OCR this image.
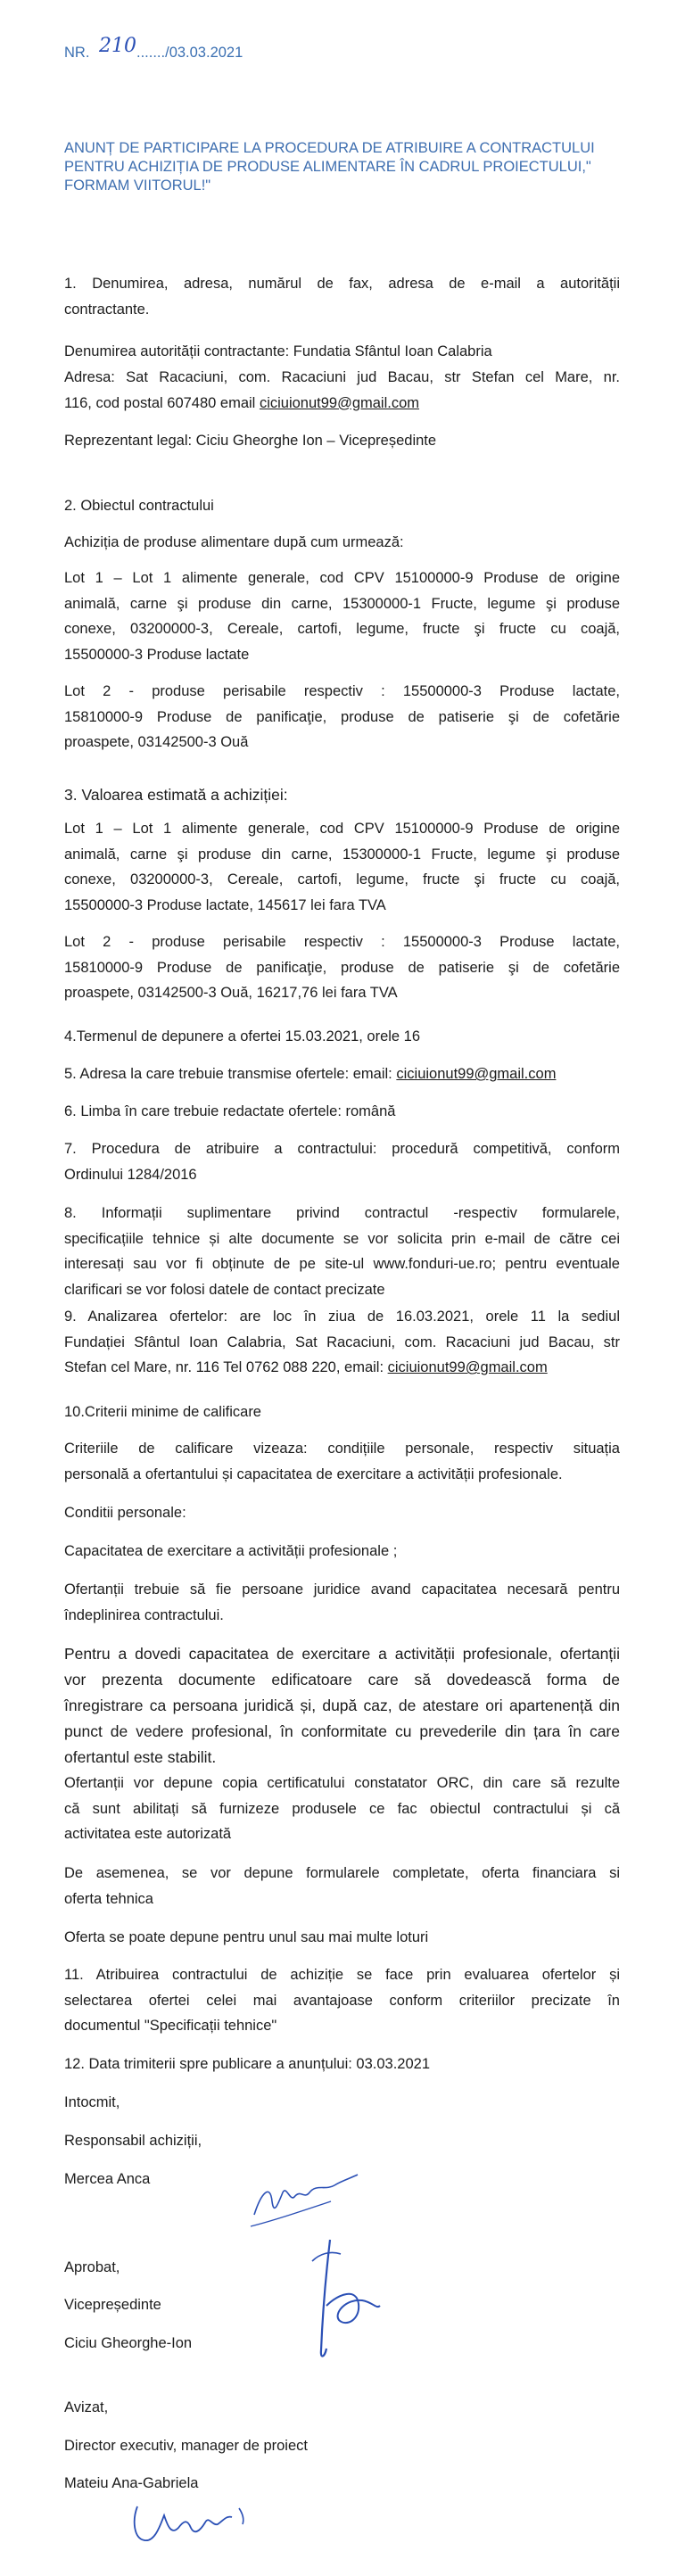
NR. 210......./03.03.2021
ANUNȚ DE PARTICIPARE LA PROCEDURA DE ATRIBUIRE A CONTRACTULUI
PENTRU ACHIZIȚIA DE PRODUSE ALIMENTARE ÎN CADRUL PROIECTULUI,"
FORMAM VIITORUL!"
1. Denumirea, adresa, numărul de fax, adresa de e-mail a autorității
contractante.
Denumirea autorității contractante: Fundatia Sfântul Ioan Calabria
Adresa: Sat Racaciuni, com. Racaciuni jud Bacau, str Stefan cel Mare, nr.
116, cod postal 607480 email ciciuionut99@gmail.com
Reprezentant legal: Ciciu Gheorghe Ion – Vicepreședinte
2. Obiectul contractului
Achiziția de produse alimentare după cum urmează:
Lot 1 – Lot 1 alimente generale, cod CPV 15100000-9 Produse de origine
animală, carne şi produse din carne, 15300000-1 Fructe, legume şi produse
conexe, 03200000-3, Cereale, cartofi, legume, fructe şi fructe cu coajă,
15500000-3 Produse lactate
Lot 2 - produse perisabile respectiv : 15500000-3 Produse lactate,
15810000-9 Produse de panificaţie, produse de patiserie şi de cofetărie
proaspete, 03142500-3 Ouă
3. Valoarea estimată a achiziției:
Lot 1 – Lot 1 alimente generale, cod CPV 15100000-9 Produse de origine
animală, carne şi produse din carne, 15300000-1 Fructe, legume şi produse
conexe, 03200000-3, Cereale, cartofi, legume, fructe şi fructe cu coajă,
15500000-3 Produse lactate, 145617 lei fara TVA
Lot 2 - produse perisabile respectiv : 15500000-3 Produse lactate,
15810000-9 Produse de panificaţie, produse de patiserie şi de cofetărie
proaspete, 03142500-3 Ouă, 16217,76 lei fara TVA
4.Termenul de depunere a ofertei 15.03.2021, orele 16
5. Adresa la care trebuie transmise ofertele: email: ciciuionut99@gmail.com
6. Limba în care trebuie redactate ofertele: română
7. Procedura de atribuire a contractului: procedură competitivă, conform
Ordinului 1284/2016
8. Informații suplimentare privind contractul -respectiv formularele,
specificațiile tehnice și alte documente se vor solicita prin e-mail de către cei
interesați sau vor fi obținute de pe site-ul www.fonduri-ue.ro; pentru eventuale
clarificari se vor folosi datele de contact precizate
9. Analizarea ofertelor: are loc în ziua de 16.03.2021, orele 11 la sediul
Fundației Sfântul Ioan Calabria, Sat Racaciuni, com. Racaciuni jud Bacau, str
Stefan cel Mare, nr. 116 Tel 0762 088 220, email: ciciuionut99@gmail.com
10.Criterii minime de calificare
Criteriile de calificare vizeaza: condițiile personale, respectiv situația
personală a ofertantului și capacitatea de exercitare a activității profesionale.
Conditii personale:
Capacitatea de exercitare a activității profesionale ;
Ofertanții trebuie să fie persoane juridice avand capacitatea necesară pentru
îndeplinirea contractului.
Pentru a dovedi capacitatea de exercitare a activității profesionale, ofertanții
vor prezenta documente edificatoare care să dovedească forma de
înregistrare ca persoana juridică și, după caz, de atestare ori apartenență din
punct de vedere profesional, în conformitate cu prevederile din țara în care
ofertantul este stabilit.
Ofertanții vor depune copia certificatului constatator ORC, din care să rezulte
că sunt abilitați să furnizeze produsele ce fac obiectul contractului și că
activitatea este autorizată
De asemenea, se vor depune formularele completate, oferta financiara si
oferta tehnica
Oferta se poate depune pentru unul sau mai multe loturi
11. Atribuirea contractului de achiziție se face prin evaluarea ofertelor și
selectarea ofertei celei mai avantajoase conform criteriilor precizate în
documentul "Specificații tehnice"
12. Data trimiterii spre publicare a anunțului: 03.03.2021
Intocmit,
Responsabil achiziții,
Mercea Anca
Aprobat,
Vicepreședinte
Ciciu Gheorghe-Ion
Avizat,
Director executiv, manager de proiect
Mateiu Ana-Gabriela
